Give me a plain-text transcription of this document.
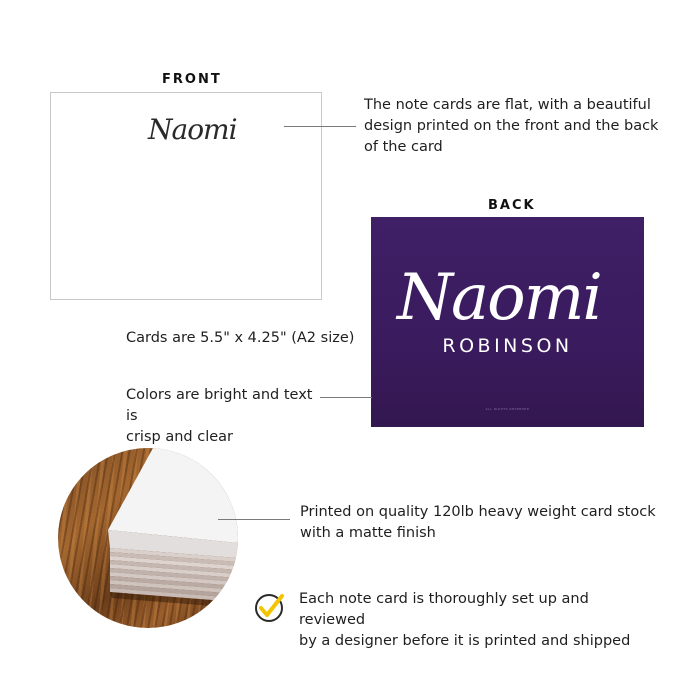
FRONT
Naomi
The note cards are flat, with a beautiful
design printed on the front and the back
of the card
BACK
Naomi
ROBINSON
ALL RIGHTS RESERVED
Cards are 5.5" x 4.25" (A2 size)
Colors are bright and text is
crisp and clear
Printed on quality 120lb heavy weight card stock
with a matte finish
Each note card is thoroughly set up and reviewed
by a designer before it is printed and shipped
